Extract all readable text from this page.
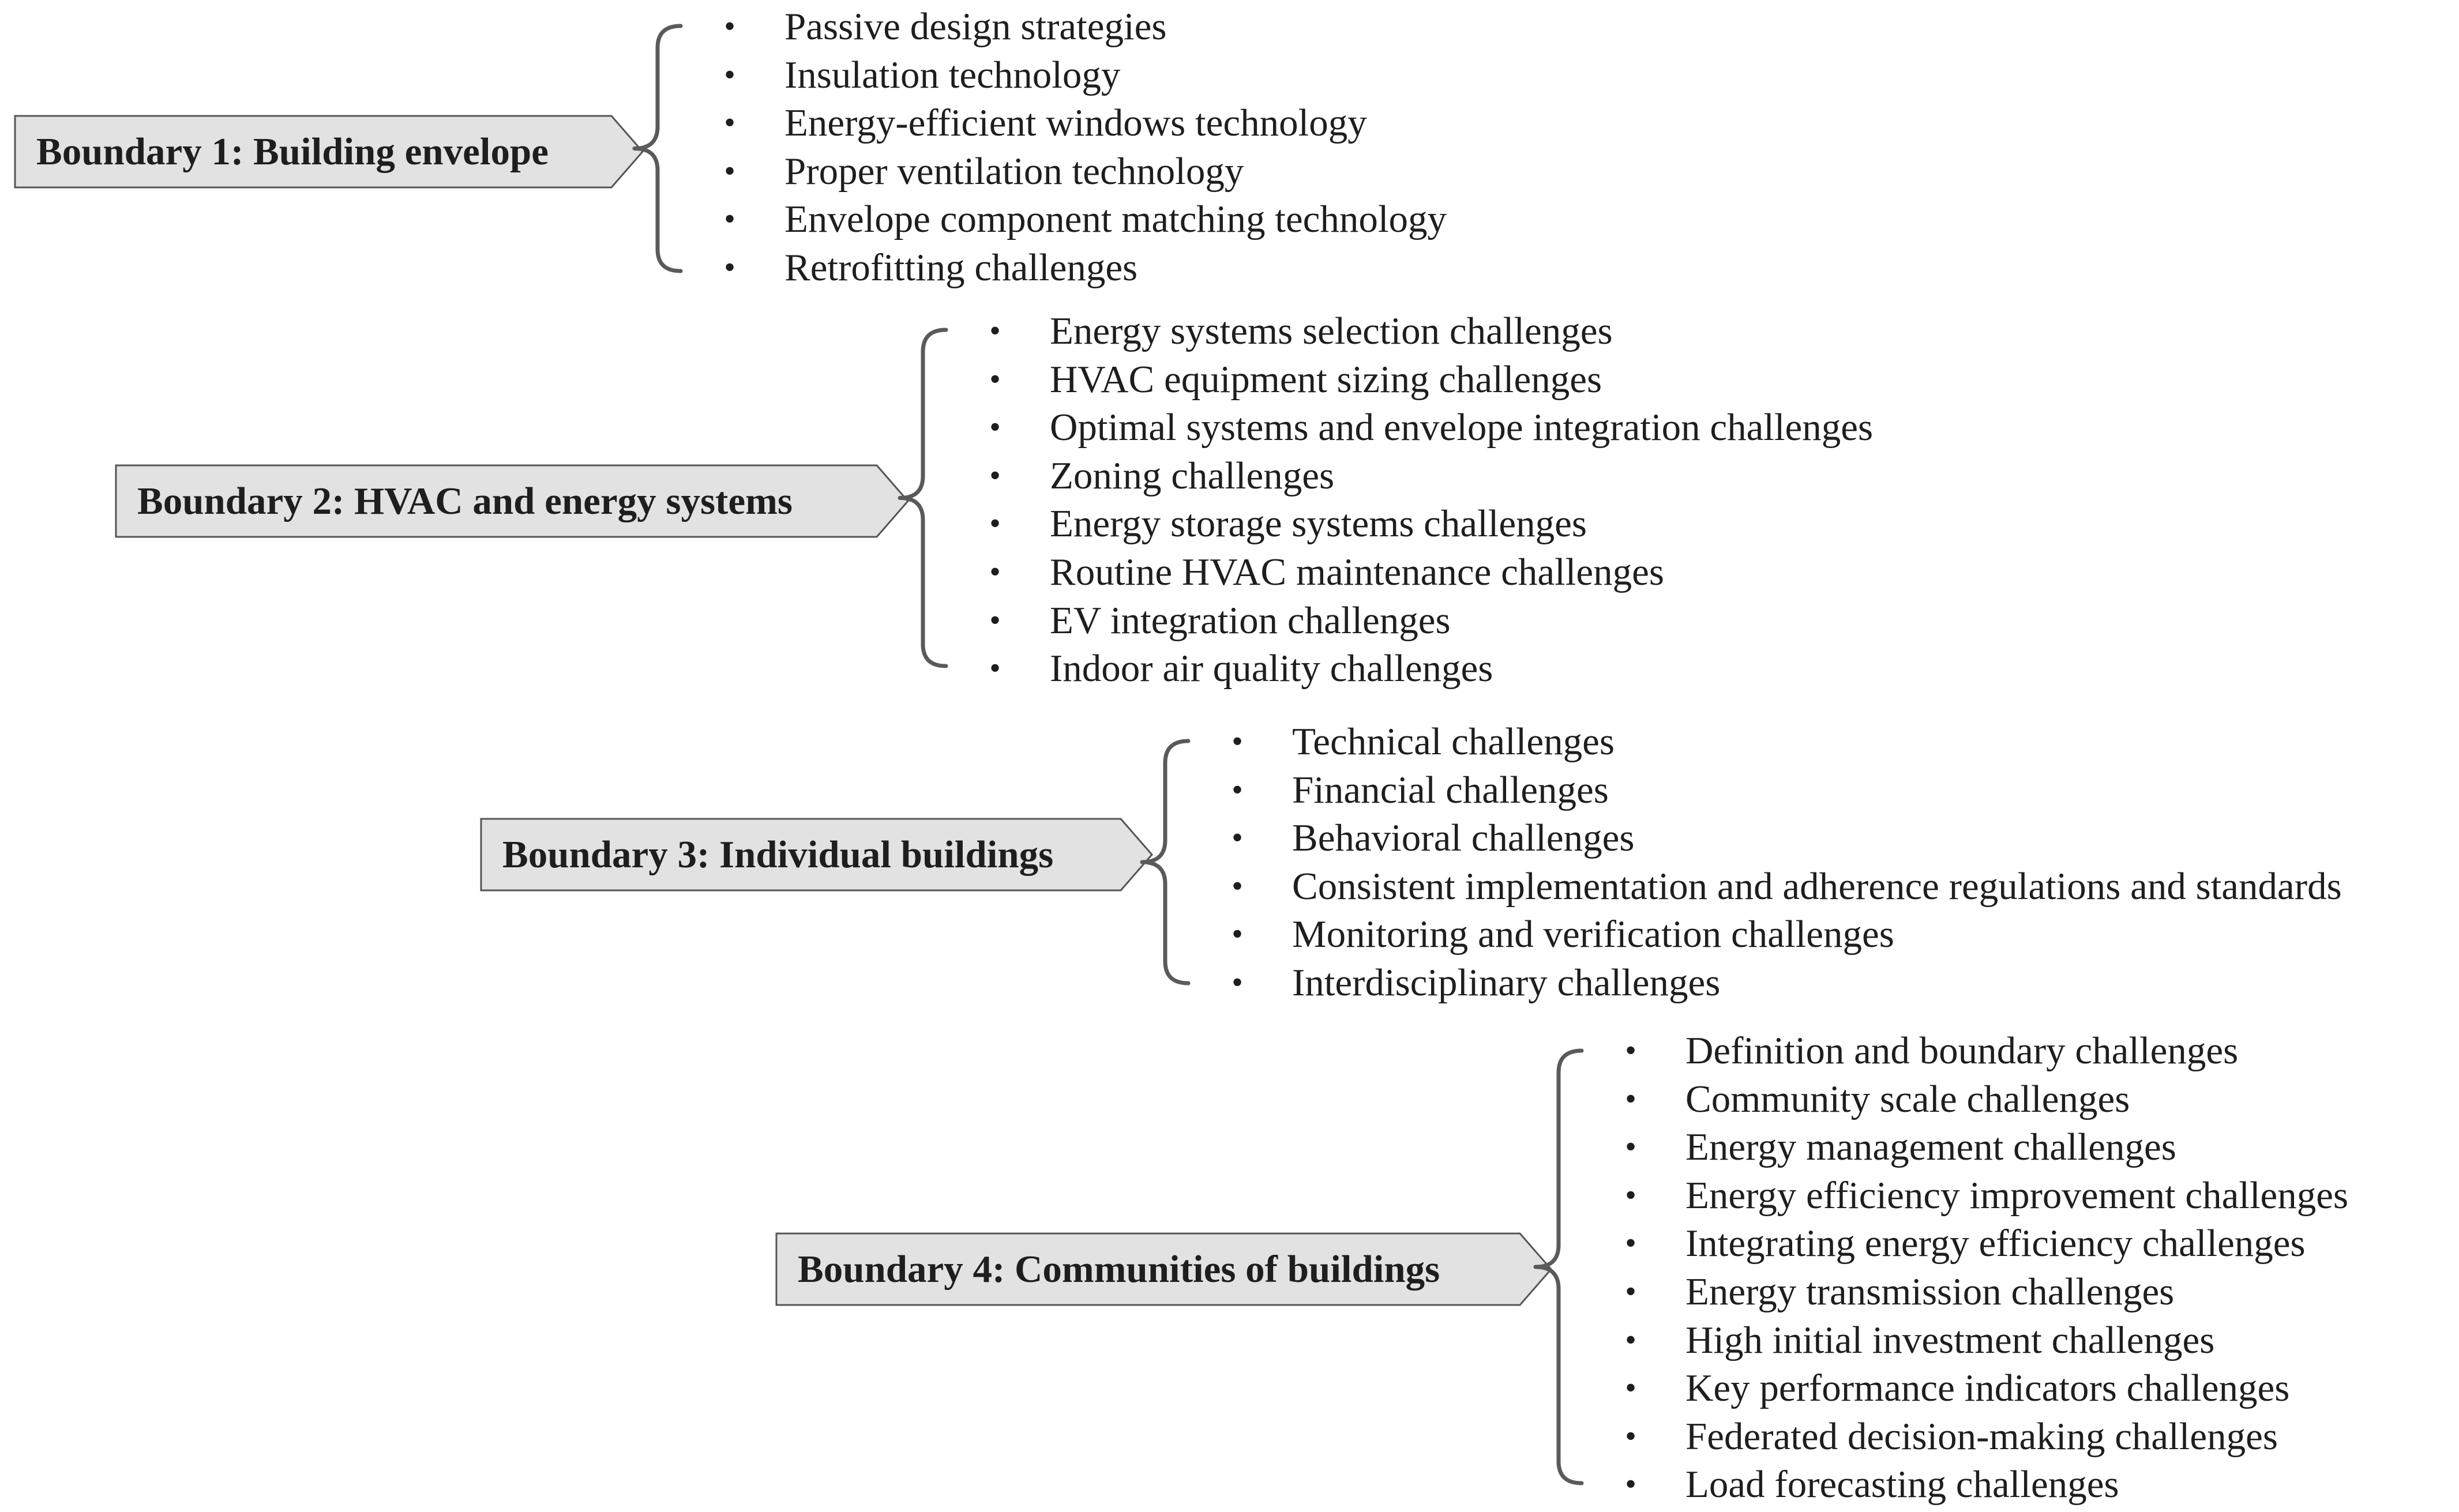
Boundary 1: Building envelope
• Passive design strategies
• Insulation technology
• Energy-efficient windows technology
• Proper ventilation technology
• Envelope component matching technology
• Retrofitting challenges
Boundary 2: HVAC and energy systems
• Energy systems selection challenges
• HVAC equipment sizing challenges
• Optimal systems and envelope integration challenges
• Zoning challenges
• Energy storage systems challenges
• Routine HVAC maintenance challenges
• EV integration challenges
• Indoor air quality challenges
Boundary 3: Individual buildings
• Technical challenges
• Financial challenges
• Behavioral challenges
• Consistent implementation and adherence regulations and standards
• Monitoring and verification challenges
• Interdisciplinary challenges
Boundary 4: Communities of buildings
• Definition and boundary challenges
• Community scale challenges
• Energy management challenges
• Energy efficiency improvement challenges
• Integrating energy efficiency challenges
• Energy transmission challenges
• High initial investment challenges
• Key performance indicators challenges
• Federated decision-making challenges
• Load forecasting challenges
